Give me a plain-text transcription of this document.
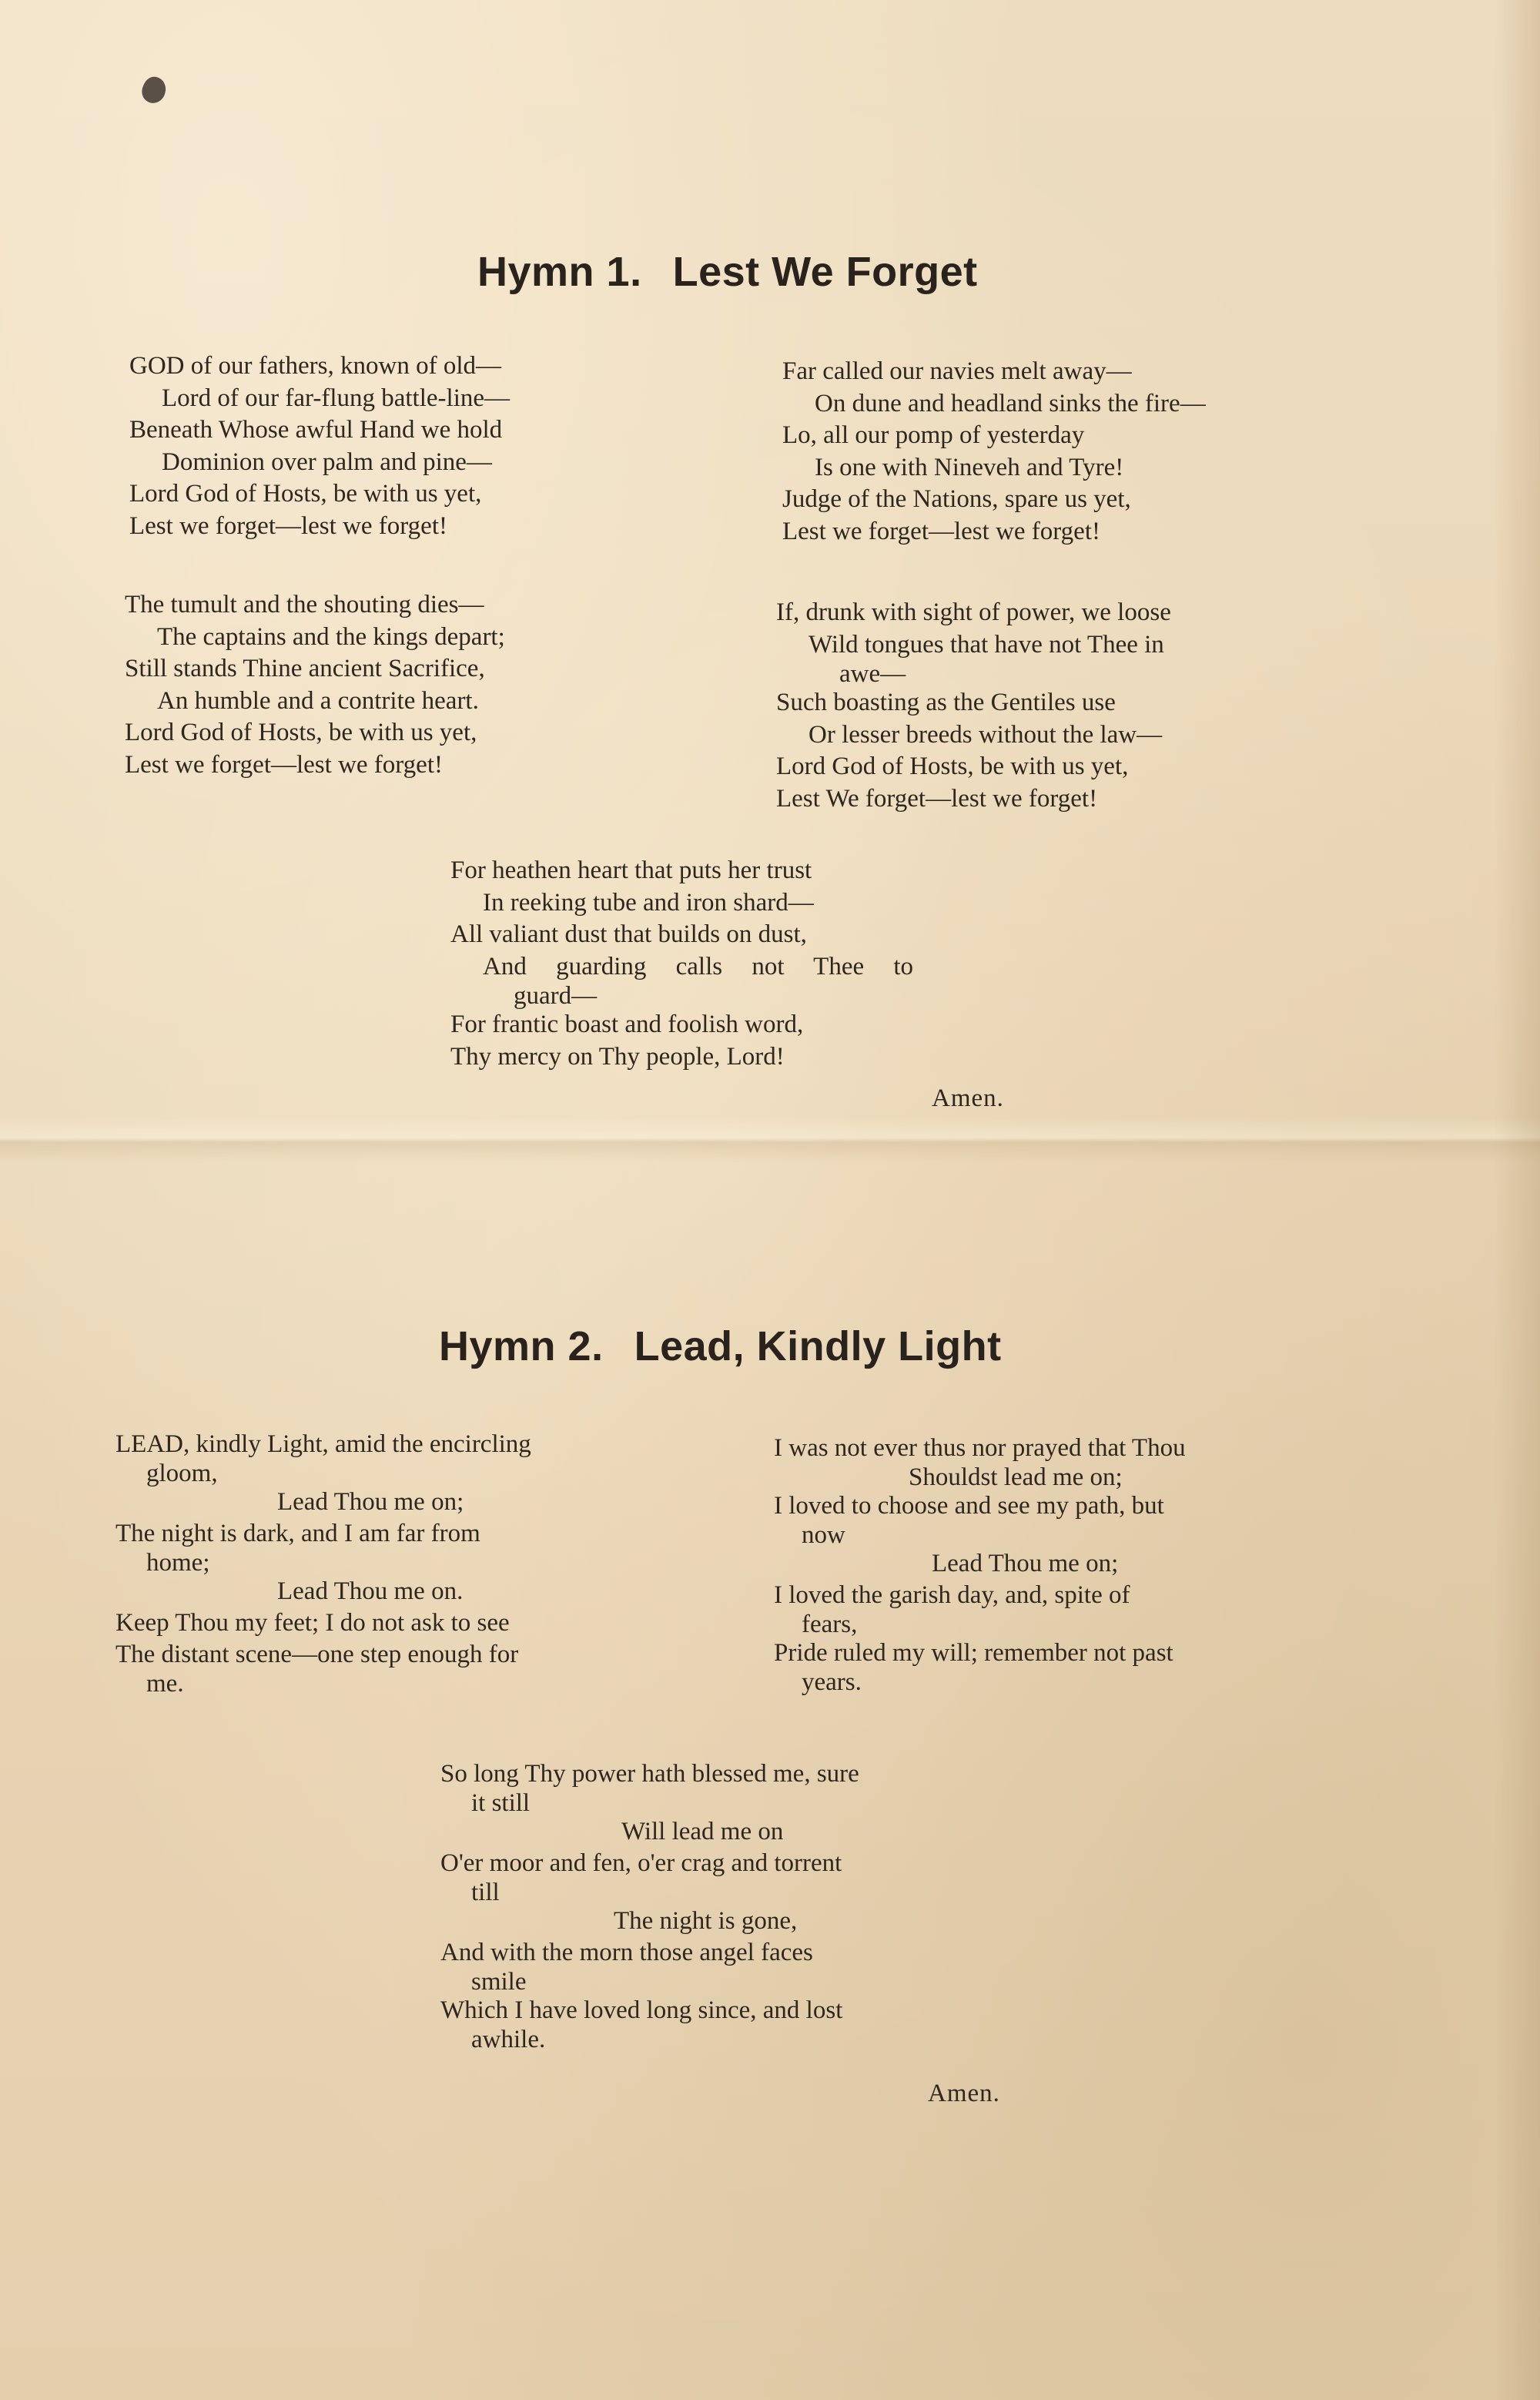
Hymn 1. Lest We Forget
GOD of our fathers, known of old—
Lord of our far-flung battle-line—
Beneath Whose awful Hand we hold
Dominion over palm and pine—
Lord God of Hosts, be with us yet,
Lest we forget—lest we forget!
The tumult and the shouting dies—
The captains and the kings depart;
Still stands Thine ancient Sacrifice,
An humble and a contrite heart.
Lord God of Hosts, be with us yet,
Lest we forget—lest we forget!
Far called our navies melt away—
On dune and headland sinks the fire—
Lo, all our pomp of yesterday
Is one with Nineveh and Tyre!
Judge of the Nations, spare us yet,
Lest we forget—lest we forget!
If, drunk with sight of power, we loose
Wild tongues that have not Thee in
awe—
Such boasting as the Gentiles use
Or lesser breeds without the law—
Lord God of Hosts, be with us yet,
Lest We forget—lest we forget!
For heathen heart that puts her trust
In reeking tube and iron shard—
All valiant dust that builds on dust,
And guarding calls not Thee to
guard—
For frantic boast and foolish word,
Thy mercy on Thy people, Lord!
Amen.
Hymn 2. Lead, Kindly Light
LEAD, kindly Light, amid the encircling
gloom,
Lead Thou me on;
The night is dark, and I am far from
home;
Lead Thou me on.
Keep Thou my feet; I do not ask to see
The distant scene—one step enough for
me.
I was not ever thus nor prayed that Thou
Shouldst lead me on;
I loved to choose and see my path, but
now
Lead Thou me on;
I loved the garish day, and, spite of
fears,
Pride ruled my will; remember not past
years.
So long Thy power hath blessed me, sure
it still
Will lead me on
O'er moor and fen, o'er crag and torrent
till
The night is gone,
And with the morn those angel faces
smile
Which I have loved long since, and lost
awhile.
Amen.
